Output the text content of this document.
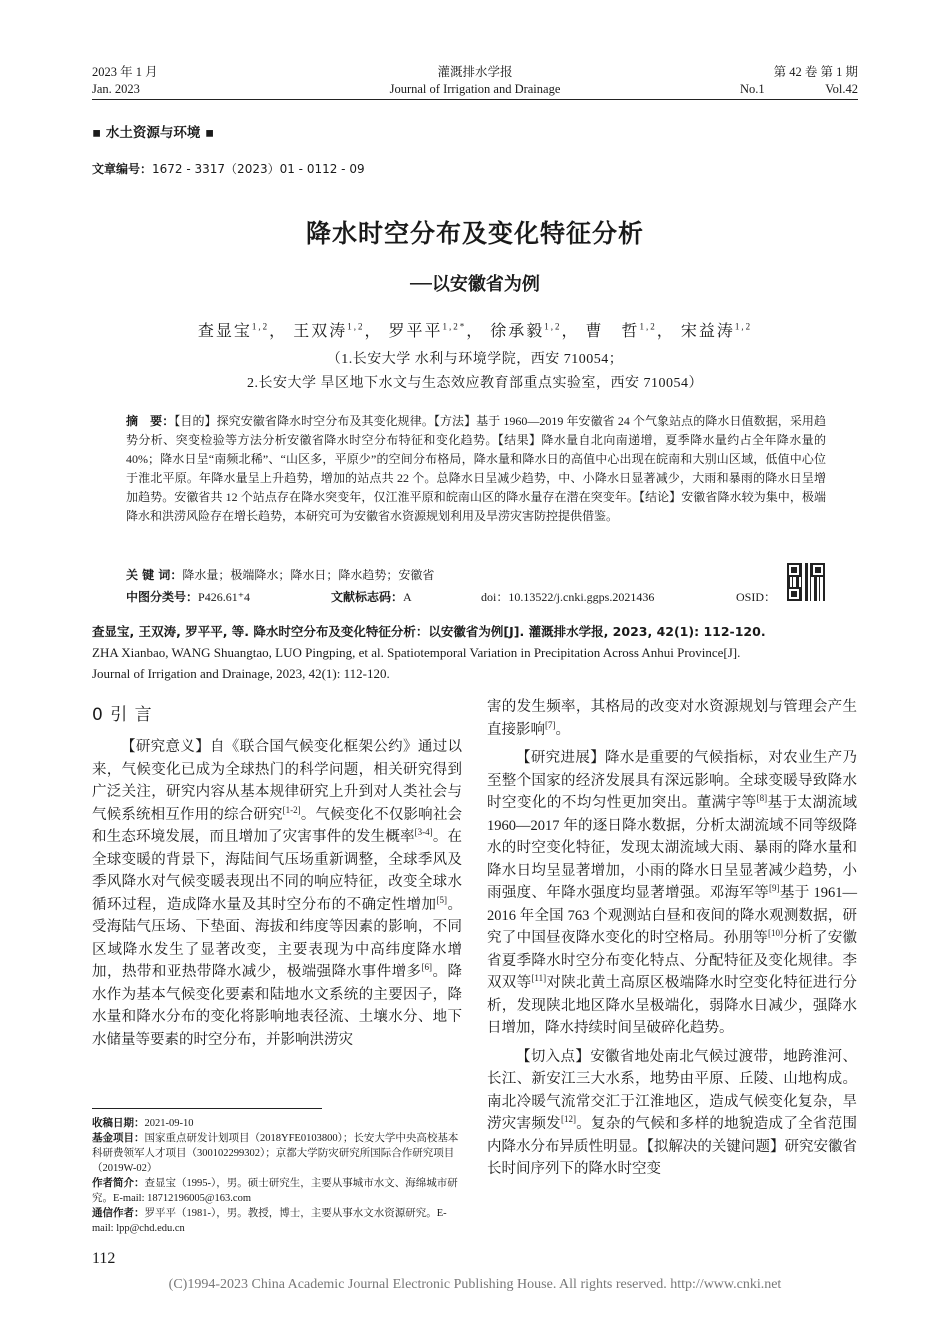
2023 年 1 月
Jan. 2023
灌溉排水学报
Journal of Irrigation and Drainage
第 42 卷 第 1 期
No.1	Vol.42
▪ 水土资源与环境 ▪
文章编号：1672 - 3317（2023）01 - 0112 - 09
降水时空分布及变化特征分析
──以安徽省为例
查显宝$^{1,2}$， 王双涛$^{1,2}$， 罗平平$^{1,2*}$， 徐承毅$^{1,2}$， 曹　哲$^{1,2}$， 宋益涛$^{1,2}$
（1.长安大学 水利与环境学院，西安 710054；
2.长安大学 旱区地下水文与生态效应教育部重点实验室，西安 710054）
摘　要：【目的】探究安徽省降水时空分布及其变化规律。【方法】基于 1960—2019 年安徽省 24 个气象站点的降水日值数据，采用趋势分析、突变检验等方法分析安徽省降水时空分布特征和变化趋势。【结果】降水量自北向南递增，夏季降水量约占全年降水量的 40%；降水日呈“南频北稀”、“山区多，平原少”的空间分布格局，降水量和降水日的高值中心出现在皖南和大别山区域，低值中心位于淮北平原。年降水量呈上升趋势，增加的站点共 22 个。总降水日呈减少趋势，中、小降水日显著减少，大雨和暴雨的降水日呈增加趋势。安徽省共 12 个站点存在降水突变年，仅江淮平原和皖南山区的降水量存在潜在突变年。【结论】安徽省降水较为集中，极端降水和洪涝风险存在增长趋势，本研究可为安徽省水资源规划利用及旱涝灾害防控提供借鉴。
关 键 词：降水量；极端降水；降水日；降水趋势；安徽省
中图分类号：P426.61⁺4	文献标志码：A	doi：10.13522/j.cnki.ggps.2021436	OSID：
查显宝, 王双涛, 罗平平, 等. 降水时空分布及变化特征分析：以安徽省为例[J]. 灌溉排水学报, 2023, 42(1): 112-120.
ZHA Xianbao, WANG Shuangtao, LUO Pingping, et al. Spatiotemporal Variation in Precipitation Across Anhui Province[J].
Journal of Irrigation and Drainage, 2023, 42(1): 112-120.
0 引 言

【研究意义】自《联合国气候变化框架公约》通过以来，气候变化已成为全球热门的科学问题，相关研究得到广泛关注，研究内容从基本规律研究上升到对人类社会与气候系统相互作用的综合研究[1-2]。气候变化不仅影响社会和生态环境发展，而且增加了灾害事件的发生概率[3-4]。在全球变暖的背景下，海陆间气压场重新调整，全球季风及季风降水对气候变暖表现出不同的响应特征，改变全球水循环过程，造成降水量及其时空分布的不确定性增加[5]。受海陆气压场、下垫面、海拔和纬度等因素的影响，不同区域降水发生了显著改变，主要表现为中高纬度降水增加，热带和亚热带降水减少，极端强降水事件增多[6]。降水作为基本气候变化要素和陆地水文系统的主要因子，降水量和降水分布的变化将影响地表径流、土壤水分、地下水储量等要素的时空分布，并影响洪涝灾

收稿日期：2021-09-10
基金项目：国家重点研发计划项目（2018YFE0103800）；长安大学中央高校基本科研费领军人才项目（300102299302）；京都大学防灾研究所国际合作研究项目（2019W-02）
作者简介：查显宝（1995-），男。硕士研究生，主要从事城市水文、海绵城市研究。E-mail: 18712196005@163.com
通信作者：罗平平（1981-），男。教授，博士，主要从事水文水资源研究。E-mail: lpp@chd.edu.cn

害的发生频率，其格局的改变对水资源规划与管理会产生直接影响[7]。

【研究进展】降水是重要的气候指标，对农业生产乃至整个国家的经济发展具有深远影响。全球变暖导致降水时空变化的不均匀性更加突出。董满宇等[8]基于太湖流域 1960—2017 年的逐日降水数据，分析太湖流域不同等级降水的时空变化特征，发现太湖流域大雨、暴雨的降水量和降水日均呈显著增加，小雨的降水日呈显著减少趋势，小雨强度、年降水强度均显著增强。邓海军等[9]基于 1961—2016 年全国 763 个观测站白昼和夜间的降水观测数据，研究了中国昼夜降水变化的时空格局。孙朋等[10]分析了安徽省夏季降水时空分布变化特点、分配特征及变化规律。李双双等[11]对陕北黄土高原区极端降水时空变化特征进行分析，发现陕北地区降水呈极端化，弱降水日减少，强降水日增加，降水持续时间呈破碎化趋势。

【切入点】安徽省地处南北气候过渡带，地跨淮河、长江、新安江三大水系，地势由平原、丘陵、山地构成。南北冷暖气流常交汇于江淮地区，造成气候变化复杂，旱涝灾害频发[12]。复杂的气候和多样的地貌造成了全省范围内降水分布异质性明显。【拟解决的关键问题】研究安徽省长时间序列下的降水时空变

112
(C)1994-2023 China Academic Journal Electronic Publishing House. All rights reserved. http://www.cnki.net
